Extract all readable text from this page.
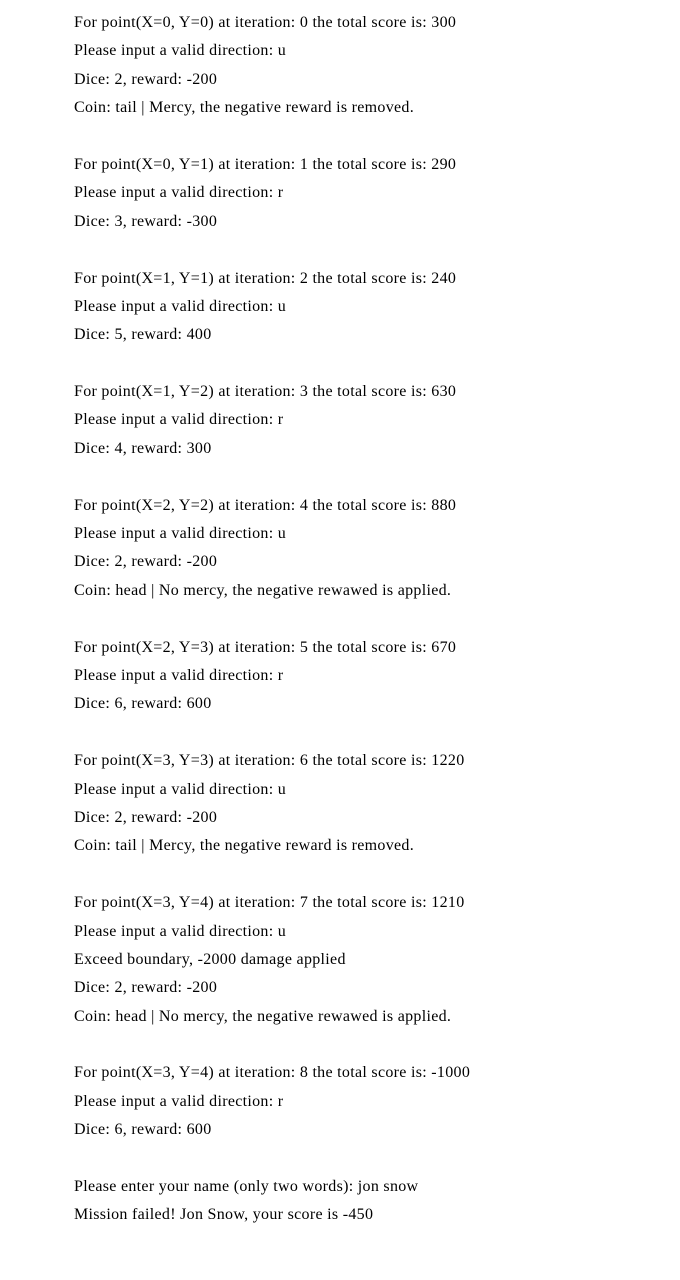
For point(X=0, Y=0) at iteration: 0 the total score is: 300
Please input a valid direction: u
Dice: 2, reward: -200
Coin: tail | Mercy, the negative reward is removed.
For point(X=0, Y=1) at iteration: 1 the total score is: 290
Please input a valid direction: r
Dice: 3, reward: -300
For point(X=1, Y=1) at iteration: 2 the total score is: 240
Please input a valid direction: u
Dice: 5, reward: 400
For point(X=1, Y=2) at iteration: 3 the total score is: 630
Please input a valid direction: r
Dice: 4, reward: 300
For point(X=2, Y=2) at iteration: 4 the total score is: 880
Please input a valid direction: u
Dice: 2, reward: -200
Coin: head | No mercy, the negative rewawed is applied.
For point(X=2, Y=3) at iteration: 5 the total score is: 670
Please input a valid direction: r
Dice: 6, reward: 600
For point(X=3, Y=3) at iteration: 6 the total score is: 1220
Please input a valid direction: u
Dice: 2, reward: -200
Coin: tail | Mercy, the negative reward is removed.
For point(X=3, Y=4) at iteration: 7 the total score is: 1210
Please input a valid direction: u
Exceed boundary, -2000 damage applied
Dice: 2, reward: -200
Coin: head | No mercy, the negative rewawed is applied.
For point(X=3, Y=4) at iteration: 8 the total score is: -1000
Please input a valid direction: r
Dice: 6, reward: 600
Please enter your name (only two words): jon snow
Mission failed! Jon Snow, your score is -450
